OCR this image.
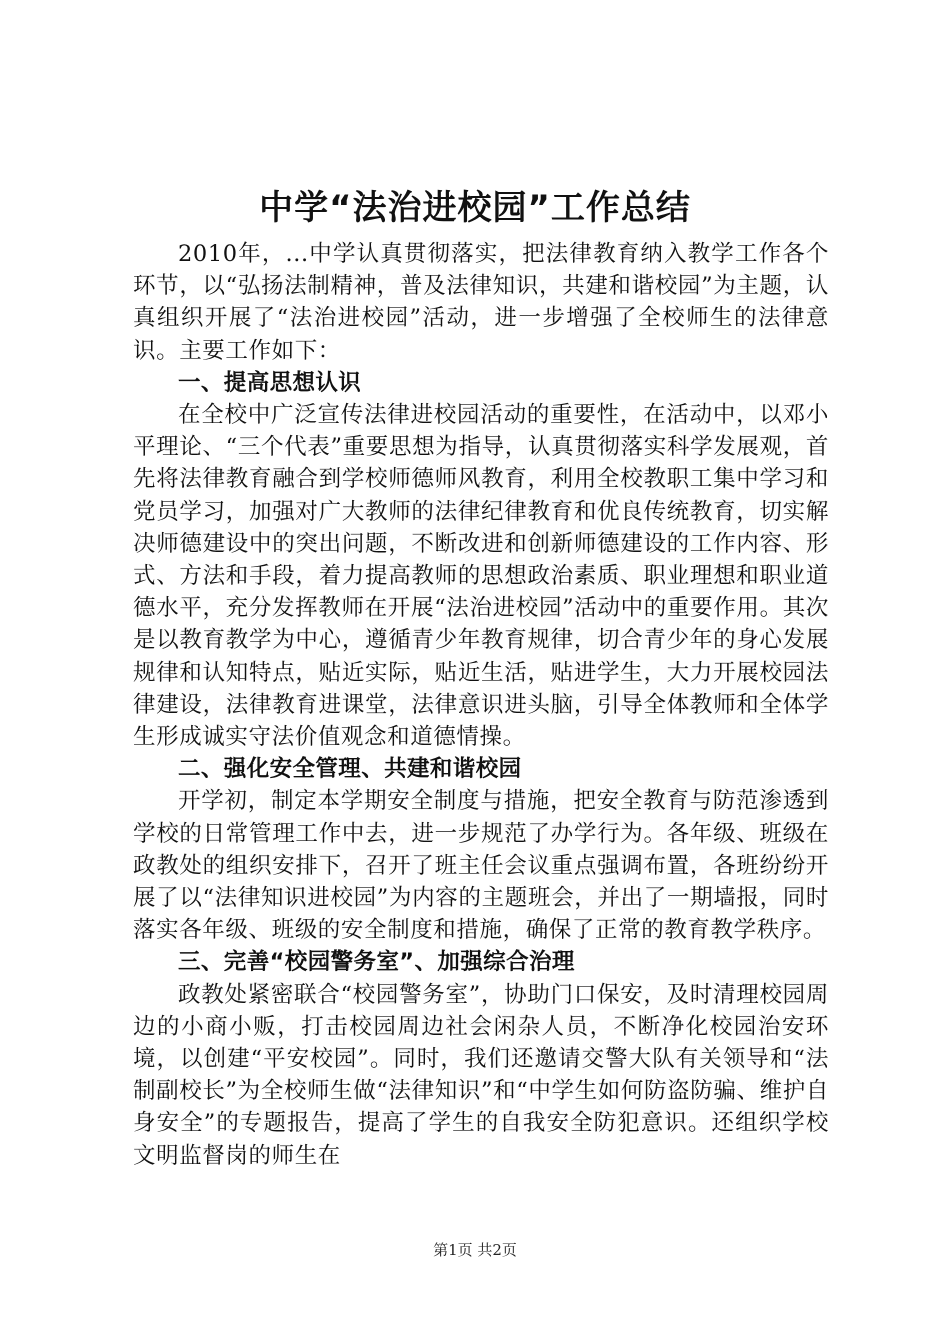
中学“法治进校园”工作总结

2010年，...中学认真贯彻落实，把法律教育纳入教学工作各个环节，以“弘扬法制精神，普及法律知识，共建和谐校园”为主题，认真组织开展了“法治进校园”活动，进一步增强了全校师生的法律意识。主要工作如下：

一、提高思想认识

在全校中广泛宣传法律进校园活动的重要性，在活动中，以邓小平理论、“三个代表”重要思想为指导，认真贯彻落实科学发展观，首先将法律教育融合到学校师德师风教育，利用全校教职工集中学习和党员学习，加强对广大教师的法律纪律教育和优良传统教育，切实解决师德建设中的突出问题，不断改进和创新师德建设的工作内容、形式、方法和手段，着力提高教师的思想政治素质、职业理想和职业道德水平，充分发挥教师在开展“法治进校园”活动中的重要作用。其次是以教育教学为中心，遵循青少年教育规律，切合青少年的身心发展规律和认知特点，贴近实际，贴近生活，贴进学生，大力开展校园法律建设，法律教育进课堂，法律意识进头脑，引导全体教师和全体学生形成诚实守法价值观念和道德情操。

二、强化安全管理、共建和谐校园

开学初，制定本学期安全制度与措施，把安全教育与防范渗透到学校的日常管理工作中去，进一步规范了办学行为。各年级、班级在政教处的组织安排下，召开了班主任会议重点强调布置，各班纷纷开展了以“法律知识进校园”为内容的主题班会，并出了一期墙报，同时落实各年级、班级的安全制度和措施，确保了正常的教育教学秩序。

三、完善“校园警务室”、加强综合治理

政教处紧密联合“校园警务室”，协助门口保安，及时清理校园周边的小商小贩，打击校园周边社会闲杂人员，不断净化校园治安环境，以创建“平安校园”。同时，我们还邀请交警大队有关领导和“法制副校长”为全校师生做“法律知识”和“中学生如何防盗防骗、维护自身安全”的专题报告，提高了学生的自我安全防犯意识。还组织学校文明监督岗的师生在

第1页 共2页
